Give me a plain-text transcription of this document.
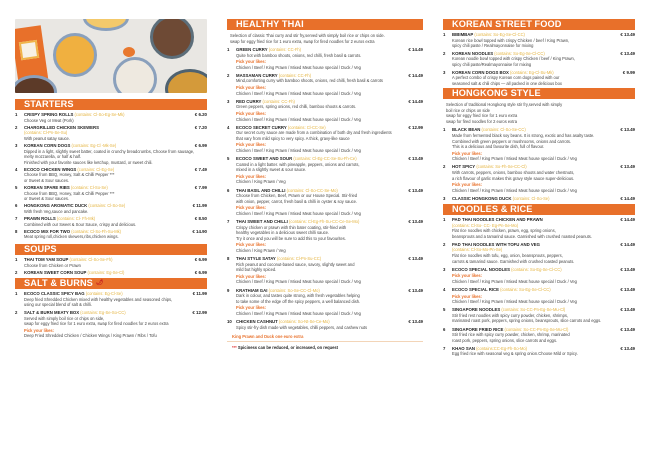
STARTERS
1 CRISPY SPRING ROLLS (contains: Cl-So-Eg-Se-Mk)	€ 6.20
Choose Veg or Meat (Pork)
2 CHARGRILLED CHICKEN SKEWERS
(contains: Cl-Pn-Se-Su)
€ 7.20
With peanut satay sauce.
3 KOREAN CORN DOGS (contains: Eg-Cl -Mk-Se)	€ 6.99
Dipped in a light, slightly sweet batter, coated in crunchy breadcrumbs, Choose from sausage,
melty mozzarella, or half & half.
Finished with your favorite sauces like ketchup, mustard, or sweet chili.
4 ECOCO CHICKEN WINGS (contains: Cl-Eg-Se)	€ 7.49
Choose from BBQ, Honey, Salt & Chilli Pepper ***
or Sweet & Sour sauces.
5 KOREAN SPARE RIBS (contains: Cl-So-Se)	€ 7.99
Choose from BBQ, Honey, Salt & Chilli Pepper ***
or Sweet & Sour sauces.
6 HONGKONG AROMATIC DUCK (contains: Cl-So-Se)	€ 11.99
With fresh Veg,sauce and pancake.
7 PRAWN ROLLS (contains: Cl- Fh-Mk)	€ 8.50
Combined with our Sweet & Sour Sauce, crispy and delicious.
8 ECOCO MIX FOR TWO (contains: Cl-So-Fh-Su-Mk)	€ 14.90
Meat spring roll,chicken skewers,ribs,chicken wings.
SOUPS
1 THAI TOM YAM SOUP (contains: Cl-So-Se-Fh)	€ 6.99
Choose from Chicken or Prawn
2 KOREAN SWEET CORN SOUP (contains: Eg-Se-Cl)	€ 6.99
SALT & BURNS 🌶
1 ECOCO CLASSIC SPICY BAG (contains: Eg-Cl-Se)	€ 11.99
Deep fried Shredded Chicken mixed with healthy vegetables and seasoned chips,
using our special blend of salt & chilli.
2 SALT & BURN MEATY BOX (contains: Eg-Se-So-CC)	€ 12.99
Served with simply boil rice or chips on side,
swap for eggy fried rice for 1 euro extra, swap for fired noodles for 2 euros extra
Pick your likes:
Deep Fried Shredded Chicken / Chicken Wings / King Prawn / Ribs / Tofu
HEALTHY THAI
Selection of classic Thai curry and stir fry,served with simply boil rice or chips on side.
swap for eggy fried rice for 1 euro extra, swap for fired noodles for 2 euros extra
1 GREEN CURRY (contains: CC-Fh)	€ 14.49
Quite hot with bamboo shoots, onions, red chilli, fresh basil & carrots.
Pick your likes:
Chicken / Beef / King Prawn / Mixed Meat house special / Duck / Veg
2 MASSAMAN CURRY (contains: CC-Fh)	€ 14.49
Mind,comforting curry with bamboo shoots, onions, red chilli, fresh basil & carrots
Pick your likes:
Chicken / Beef / King Prawn / Mixed Meat house special / Duck / Veg
3 RED CURRY (contains: CC-Fh)	€ 14.49
Green peppers, spring onions, red chilli, bamboo shoots & carrots.
Pick your likes:
Chicken / Beef / King Prawn / Mixed Meat house special / Duck / Veg
4 ECOCO SECRET CURRY (contains: Cl-CC-Se)	€ 12.99
Our secret curry sauce are made from a combination of both dry and fresh ingredients
that vary from mild spicy to very spicy. A thick, gravy-like sauce
Pick your likes:
Chicken / Beef / King Prawn / Mixed Meat house special / Duck / Veg
5 ECOCO SWEET AND SOUR (contains: Cl-Eg-CC-Se-Su-Fh-Ce)	€ 13.49
Coated in a light batter. with pineapple, peppers, onions and carrots,
mixed in a slightly sweet & sour sauce.
Pick your likes:
Chicken / King Prawn / Veg
6 THAI BASIL AND CHILLI (contains: Cl-So-CC-Se-Mo)	€ 13.49
Choose from Chicken, Beef, Prawn or our House Special. Stir-fried
with onion, pepper, carrot, fresh basil & chilli in oyster & soy sauce.
Pick your likes:
Chicken / Beef / King Prawn / Mixed Meat house special / Duck / Veg
7 THAI SWEET AND CHILLI (contains: Cl-Eg-Fh-Su-CC-Ce-Se-Mo)	€ 13.49
Crispy chicken or prawn with thin bater coating, stir-fried with
healthy vegetables in a delicious sweet chilli sauce.
Try it once and you will be sure to add this to your favourites.
Pick your likes:
Chicken / King Prawn / Veg
8 THAI STYLE SATAY (contains: Cl-Pn-Su-CC)	€ 13.49
Rich peanut and coconut-based sauce, savory, slightly sweet and
mild but highly spiced.
Pick your likes:
Chicken / Beef / King Prawn / Mixed Meat house special / Duck / Veg
9 KRATHIAM GAI (contains: So-Se-CC-Cl-Mo)	€ 13.49
Dark in colour, and tastes quite strong, with fresh vegetables helping
to take some of the edge off the spicy peppers, a well balanced dish.
Pick your likes:
Chicken / Beef / King Prawn / Mixed Meat house special / Duck / Veg
10 CHICKEN CASHNUT (contains: So-Nt-Se-Ce-Mo)	€ 13.49
Spicy stir-fry dish made with vegetables, chilli peppers, and cashew nuts
King Prawn and Duck one euro extra
*** Spiciness can be reduced, or increased, on request
KOREAN STREET FOOD
1 BIBIMBAP (contains: So-Eg-Se-Cl-CC)	€ 13.49
Korean rice bowl topped with crispy Chicken / beef / King Prawn,
spicy chili paste / Realmayonnaise for mixing
2 KOREAN NOODLES (contains: So-Eg-Se-Cl-CC)	€ 13.49
Korean noodle bowl topped with crispy Chicken / beef / King Prawn,
spicy chili paste/Realmayonnaise for mixing
3 KOREAN CORN DOGS BOX (contains: Eg-Cl-Su-Mk)	€ 9.99
A perfect combo of crispy Korean corn dogs paired with our
seasoned salt & chili chips — all packed in one delicious box
HONGKONG STYLE
Selection of traditional Hongkong style stir fry,served with simply
boil rice or chips on side
swap for eggy fried rice for 1 euro extra
swap for fired noodles for 2 euros extra
1 BLACK BEAN (contains: Cl-So-Se-CC)	€ 13.49
Made from fermented black soy beans. It is strong, exotic and has asalty taste.
Combined with green peppers or mushrooms, onions and carrots.
This is a delicious and favourite dish, full of flavour.
Pick your likes:
Chicken / Beef / King Prawn / Mixed Meat house special / Duck / Veg
2 HOT SPICY (contains: So-Fh-Se-CC-Cl)	€ 13.49
With carrots, peppers, onions, bamboo shoots and water chestnuts,
a rich flavour of garlic makes this gravy style sauce super-delicious.
Pick your likes:
Chicken / Beef / King Prawn / Mixed Meat house special / Duck / Veg
3 CLASSIC HONGKONG DUCK (contains: Cl-So-Se)	€ 14.49
NOODLES & RICE
1 PAD THAI NOODLES CHICKEN AND PRAWN
(contains: Cl-So- CC- Eg-Pn-Se-Mo)
€ 14.49
Flat rice noodles with chicken, prawn, egg, spring onions,
beansprouts and a tamarind sauce. Garnished with crushed roasted peanuts.
2 PAD THAI NOODLES WITH TOFU AND VEG
(contains: Cl-So-Mo-Pn-Se)
€ 14.49
Flat rice noodles with tofu, egg, onion, beansprouts, peppers,
carrots & tamarind sauce. Garnished with crushed roasted peanuts.
3 ECOCO SPECIAL NOODLES (contains: So-Eg-Se-Cl-CC)	€ 13.49
Pick your likes:
Chicken / Beef / King Prawn / Mixed Meat house special / Duck / Veg
4 ECOCO SPECIAL RICE (contains: So-Eg-Se-Cl-CC)	€ 13.49
Pick your likes:
Chicken / Beef / King Prawn / Mixed Meat house special / Duck / Veg
5 SINGAPORE NOODLES (contains: So-CC-Pn-Eg-Se-Mu-Cl)	€ 13.49
Stir fried rest noodles with spicy curry powder, chicken, shrimps,
marinated roast pork, peppers, spring onions, beansprouts, slice carrots and eggs.
6 SINGAPORE FRIED RICE (contains: So-CC-Pn-Eg-Se-Mu-Cl)	€ 13.49
Stir fried rice with spicy curry powder, chicken, shrimp, marinated
roast pork, peppers, spring onions, slice carrots and eggs.
7 KHAO SAN (contains:CC-Eg-Fh-So-Mo)	€ 13.49
Egg fried rice with seasonal veg & spring onion.Choose Mild or Spicy.
